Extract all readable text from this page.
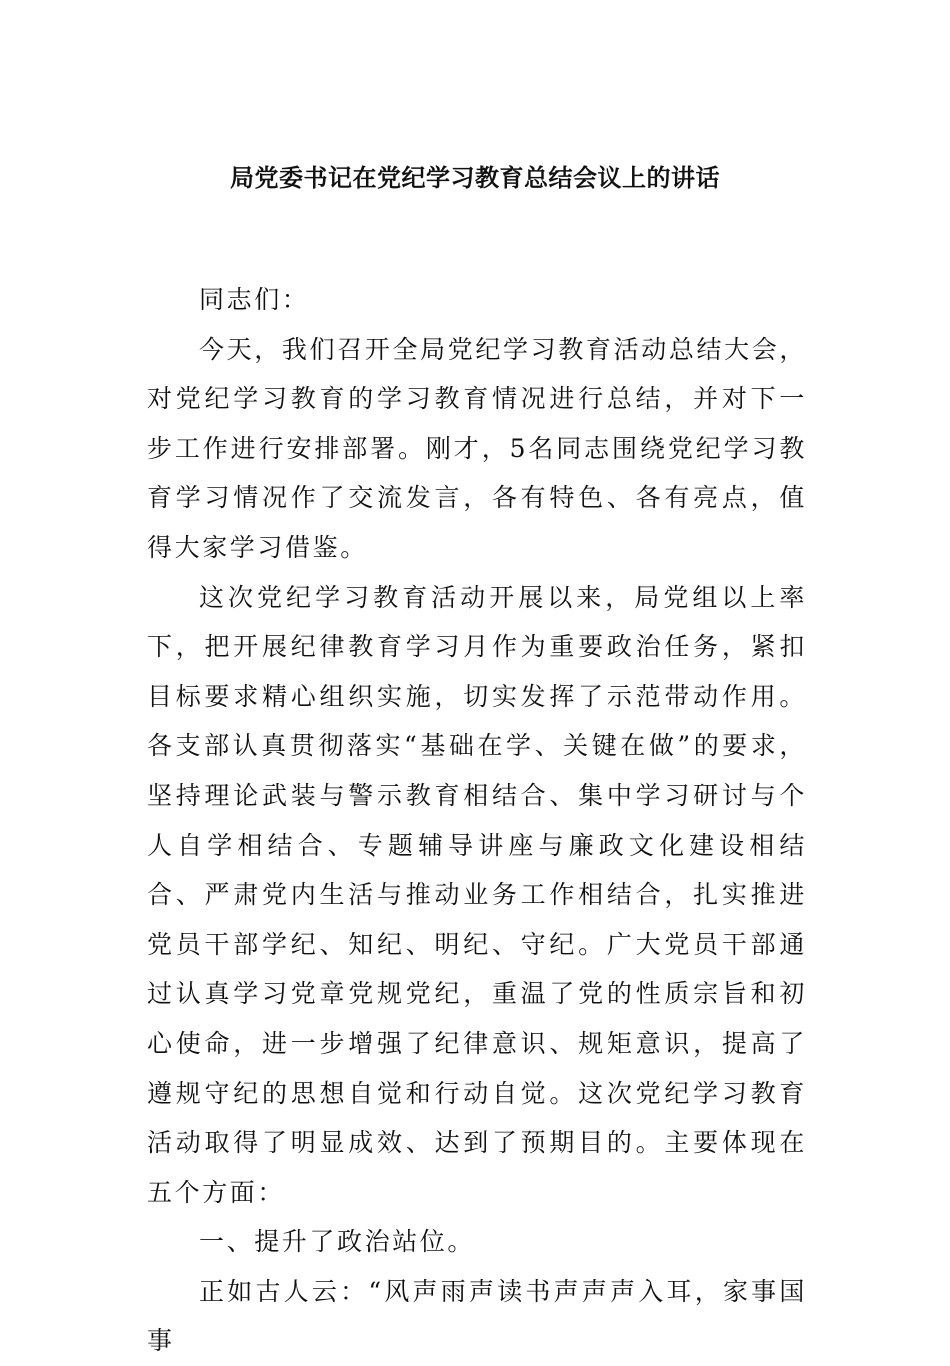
局党委书记在党纪学习教育总结会议上的讲话

同志们：

今天，我们召开全局党纪学习教育活动总结大会，对党纪学习教育的学习教育情况进行总结，并对下一步工作进行安排部署。刚才，5名同志围绕党纪学习教育学习情况作了交流发言，各有特色、各有亮点，值得大家学习借鉴。

这次党纪学习教育活动开展以来，局党组以上率下，把开展纪律教育学习月作为重要政治任务，紧扣目标要求精心组织实施，切实发挥了示范带动作用。各支部认真贯彻落实“基础在学、关键在做”的要求，坚持理论武装与警示教育相结合、集中学习研讨与个人自学相结合、专题辅导讲座与廉政文化建设相结合、严肃党内生活与推动业务工作相结合，扎实推进党员干部学纪、知纪、明纪、守纪。广大党员干部通过认真学习党章党规党纪，重温了党的性质宗旨和初心使命，进一步增强了纪律意识、规矩意识，提高了遵规守纪的思想自觉和行动自觉。这次党纪学习教育活动取得了明显成效、达到了预期目的。主要体现在五个方面：

一、提升了政治站位。

正如古人云：“风声雨声读书声声声入耳，家事国事
